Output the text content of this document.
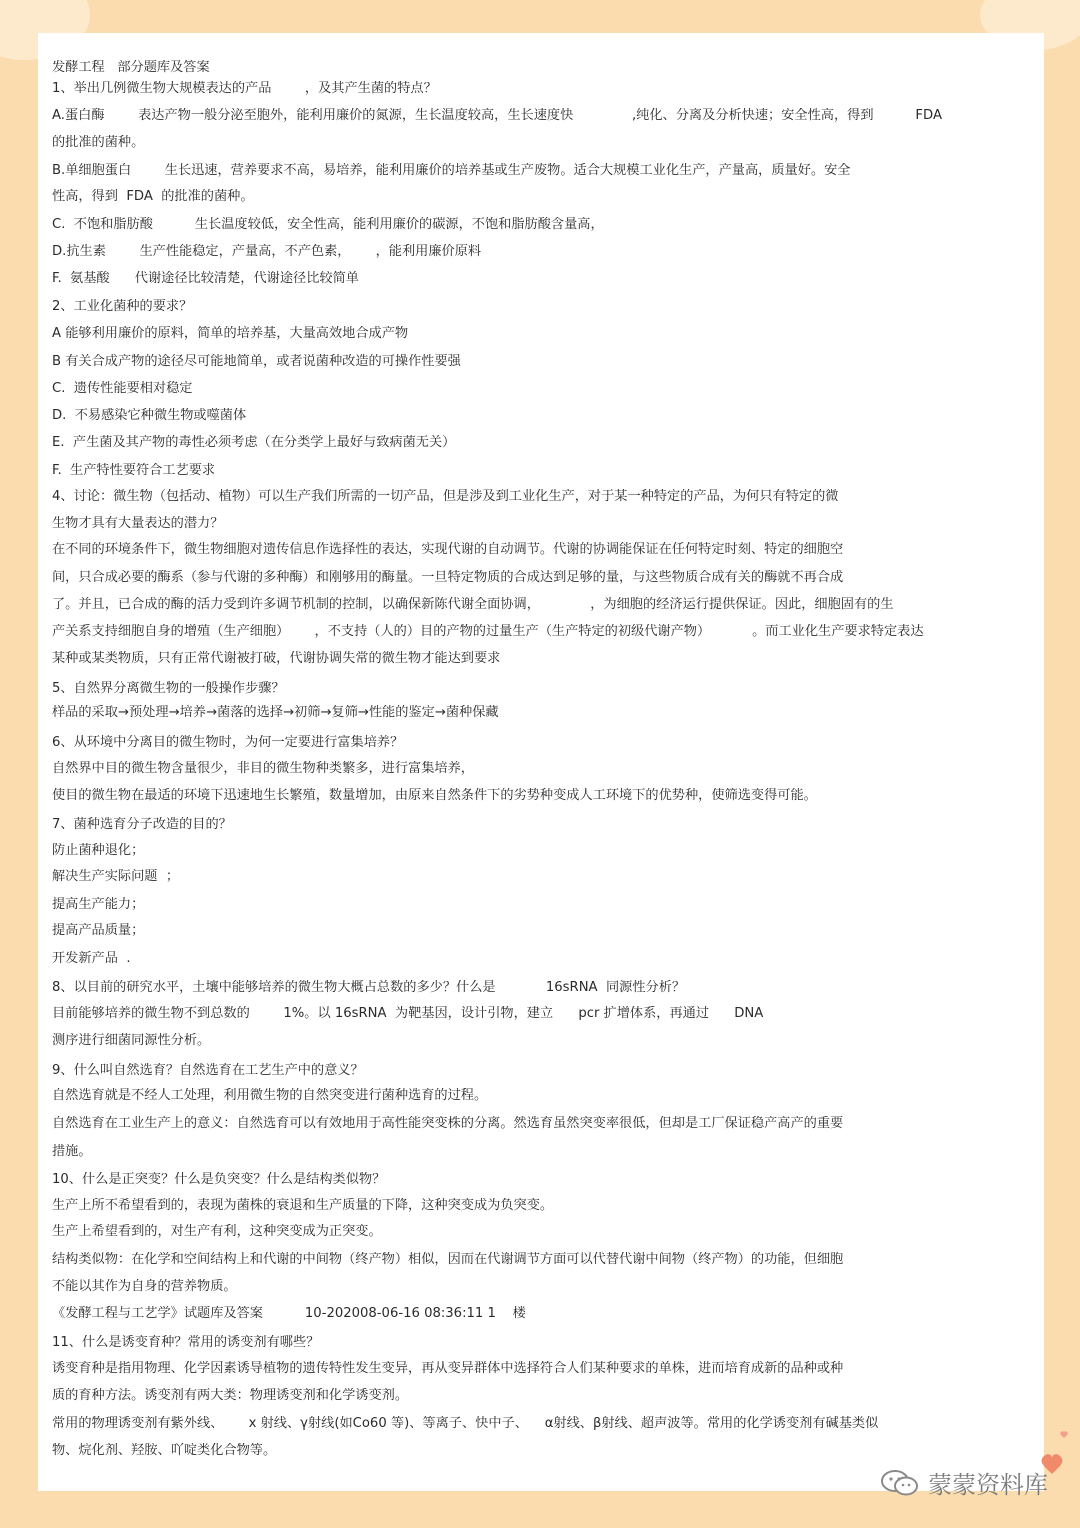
发酵工程   部分题库及答案
1、举出几例微生物大规模表达的产品        ，及其产生菌的特点？
A.蛋白酶        表达产物一般分泌至胞外，能利用廉价的氮源，生长温度较高，生长速度快              ,纯化、分离及分析快速；安全性高，得到          FDA
的批准的菌种。
B.单细胞蛋白        生长迅速，营养要求不高，易培养，能利用廉价的培养基或生产废物。适合大规模工业化生产，产量高，质量好。安全
性高，得到  FDA  的批准的菌种。
C.  不饱和脂肪酸          生长温度较低，安全性高，能利用廉价的碳源，不饱和脂肪酸含量高，
D.抗生素        生产性能稳定，产量高，不产色素，      ，能利用廉价原料
F.  氨基酸      代谢途径比较清楚，代谢途径比较简单
2、工业化菌种的要求？
A 能够利用廉价的原料，简单的培养基，大量高效地合成产物
B 有关合成产物的途径尽可能地简单，或者说菌种改造的可操作性要强
C.  遗传性能要相对稳定
D.  不易感染它种微生物或噬菌体
E.  产生菌及其产物的毒性必须考虑（在分类学上最好与致病菌无关）
F.  生产特性要符合工艺要求
4、讨论：微生物（包括动、植物）可以生产我们所需的一切产品，但是涉及到工业化生产，对于某一种特定的产品，为何只有特定的微
生物才具有大量表达的潜力？
在不同的环境条件下，微生物细胞对遗传信息作选择性的表达，实现代谢的自动调节。代谢的协调能保证在任何特定时刻、特定的细胞空
间，只合成必要的酶系（参与代谢的多种酶）和刚够用的酶量。一旦特定物质的合成达到足够的量，与这些物质合成有关的酶就不再合成
了。并且，已合成的酶的活力受到许多调节机制的控制，以确保新陈代谢全面协调，            ，为细胞的经济运行提供保证。因此，细胞固有的生
产关系支持细胞自身的增殖（生产细胞）      ，不支持（人的）目的产物的过量生产（生产特定的初级代谢产物）          。而工业化生产要求特定表达
某种或某类物质，只有正常代谢被打破，代谢协调失常的微生物才能达到要求
5、自然界分离微生物的一般操作步骤？
样品的采取→预处理→培养→菌落的选择→初筛→复筛→性能的鉴定→菌种保藏
6、从环境中分离目的微生物时，为何一定要进行富集培养？
自然界中目的微生物含量很少，非目的微生物种类繁多，进行富集培养，
使目的微生物在最适的环境下迅速地生长繁殖，数量增加，由原来自然条件下的劣势种变成人工环境下的优势种，使筛选变得可能。
7、菌种选育分子改造的目的？
防止菌种退化；
解决生产实际问题  ；
提高生产能力；
提高产品质量；
开发新产品  .
8、以目前的研究水平，土壤中能够培养的微生物大概占总数的多少？什么是            16sRNA  同源性分析？
目前能够培养的微生物不到总数的        1%。以 16sRNA  为靶基因，设计引物，建立      pcr 扩增体系，再通过      DNA
测序进行细菌同源性分析。
9、什么叫自然选育？自然选育在工艺生产中的意义？
自然选育就是不经人工处理，利用微生物的自然突变进行菌种选育的过程。
自然选育在工业生产上的意义：自然选育可以有效地用于高性能突变株的分离。然选育虽然突变率很低，但却是工厂保证稳产高产的重要
措施。
10、什么是正突变？什么是负突变？什么是结构类似物？
生产上所不希望看到的，表现为菌株的衰退和生产质量的下降，这种突变成为负突变。
生产上希望看到的，对生产有利，这种突变成为正突变。
结构类似物：在化学和空间结构上和代谢的中间物（终产物）相似，因而在代谢调节方面可以代替代谢中间物（终产物）的功能，但细胞
不能以其作为自身的营养物质。
《发酵工程与工艺学》试题库及答案          10-202008-06-16 08:36:11 1    楼
11、什么是诱变育种？常用的诱变剂有哪些？
诱变育种是指用物理、化学因素诱导植物的遗传特性发生变异，再从变异群体中选择符合人们某种要求的单株，进而培育成新的品种或种
质的育种方法。诱变剂有两大类：物理诱变剂和化学诱变剂。
常用的物理诱变剂有紫外线、      x 射线、γ射线(如Co60 等)、等离子、快中子、    α射线、β射线、超声波等。常用的化学诱变剂有碱基类似
物、烷化剂、羟胺、吖啶类化合物等。
蒙蒙资料库
